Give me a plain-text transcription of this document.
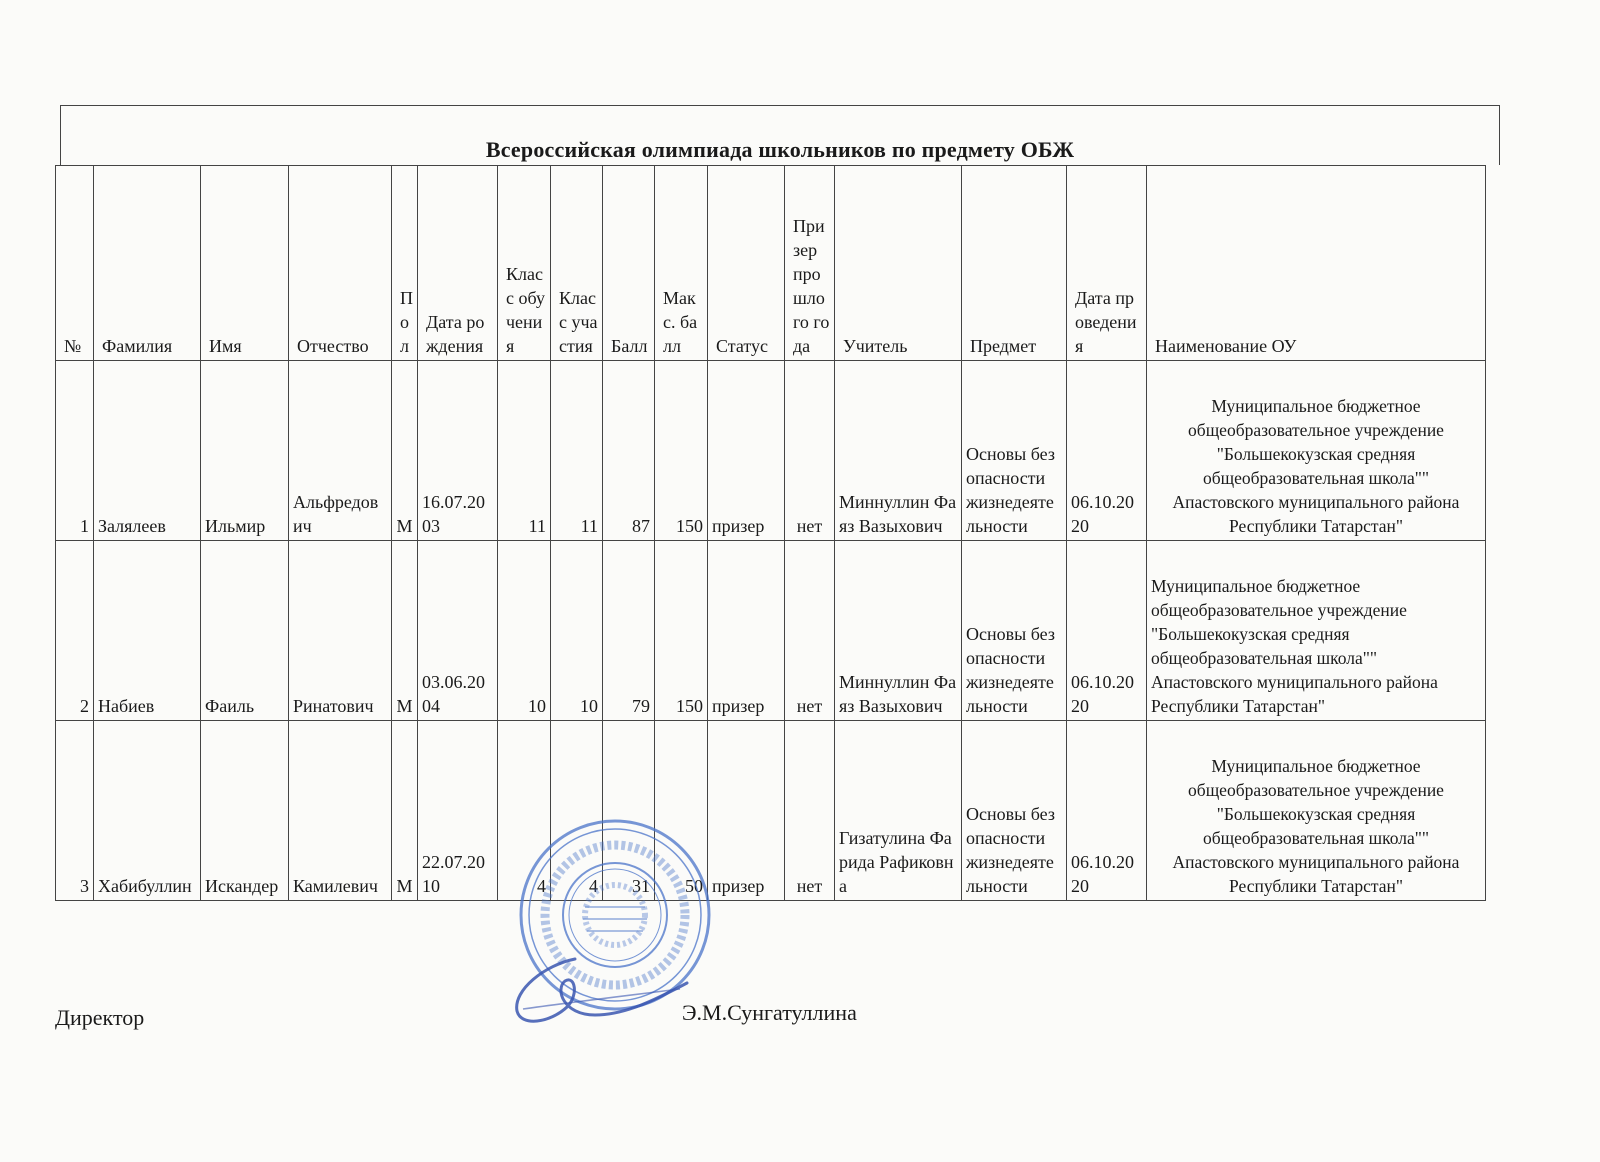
Всероссийская олимпиада школьников по предмету ОБЖ
№	Фамилия	Имя	Отчество	Пол	Дата рождения	Класс обучения	Класс участия	Балл	Макс. балл	Статус	Призер прошлого года	Учитель	Предмет	Дата проведения	Наименование ОУ
1	Залялеев	Ильмир	Альфредович	М	16.07.2003	11	11	87	150	призер	нет	Миннуллин Фаяз Вазыхович	Основы безопасности жизнедеятельности	06.10.2020	Муниципальное бюджетное общеобразовательное учреждение "Большекокузская средняя общеобразовательная школа"" Апастовского муниципального района Республики Татарстан"
2	Набиев	Фаиль	Ринатович	М	03.06.2004	10	10	79	150	призер	нет	Миннуллин Фаяз Вазыхович	Основы безопасности жизнедеятельности	06.10.2020	Муниципальное бюджетное общеобразовательное учреждение "Большекокузская средняя общеобразовательная школа"" Апастовского муниципального района Республики Татарстан"
3	Хабибуллин	Искандер	Камилевич	М	22.07.2010	4	4	31	50	призер	нет	Гизатулина Фарида Рафиковна	Основы безопасности жизнедеятельности	06.10.2020	Муниципальное бюджетное общеобразовательное учреждение "Большекокузская средняя общеобразовательная школа"" Апастовского муниципального района Республики Татарстан"
Директор	Э.М.Сунгатуллина
